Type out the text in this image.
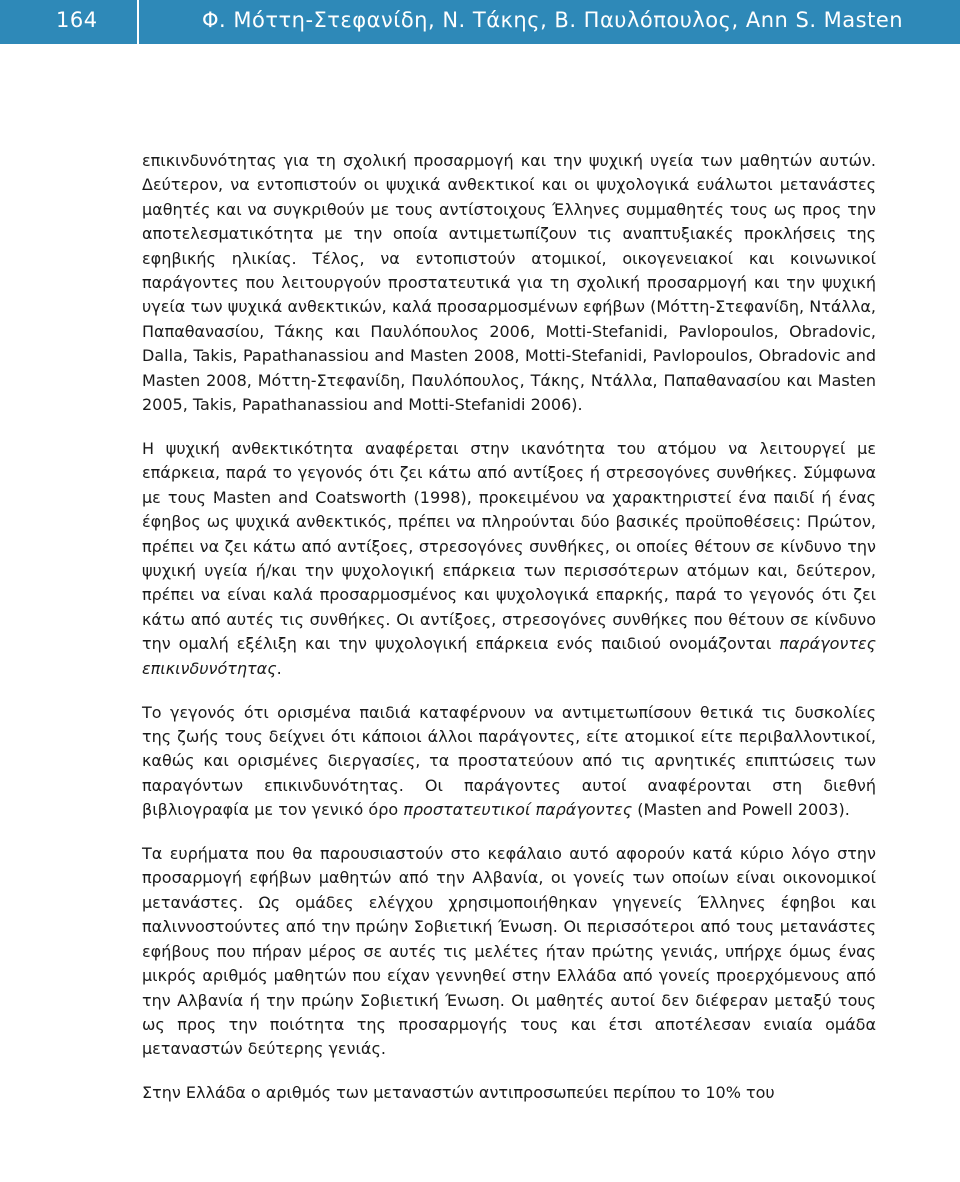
164	Φ. Μόττη-Στεφανίδη, Ν. Τάκης, Β. Παυλόπουλος, Ann S. Masten

επικινδυνότητας για τη σχολική προσαρμογή και την ψυχική υγεία των μαθητών αυτών. Δεύτερον, να εντοπιστούν οι ψυχικά ανθεκτικοί και οι ψυχολογικά ευάλωτοι μετανάστες μαθητές και να συγκριθούν με τους αντίστοιχους Έλληνες συμμαθητές τους ως προς την αποτελεσματικότητα με την οποία αντιμετωπίζουν τις αναπτυξιακές προκλήσεις της εφηβικής ηλικίας. Τέλος, να εντοπιστούν ατομικοί, οικογενειακοί και κοινωνικοί παράγοντες που λειτουργούν προστατευτικά για τη σχολική προσαρμογή και την ψυχική υγεία των ψυχικά ανθεκτικών, καλά προσαρμοσμένων εφήβων (Μόττη-Στεφανίδη, Ντάλλα, Παπαθανασίου, Τάκης και Παυλόπουλος 2006, Motti-Stefanidi, Pavlopoulos, Obradovic, Dalla, Takis, Papathanassiou and Masten 2008, Motti-Stefanidi, Pavlopoulos, Obradovic and Masten 2008, Μόττη-Στεφανίδη, Παυλόπουλος, Τάκης, Ντάλλα, Παπαθανασίου και Masten 2005, Takis, Papathanassiou and Motti-Stefanidi 2006).

Η ψυχική ανθεκτικότητα αναφέρεται στην ικανότητα του ατόμου να λειτουργεί με επάρκεια, παρά το γεγονός ότι ζει κάτω από αντίξοες ή στρεσογόνες συνθήκες. Σύμφωνα με τους Masten and Coatsworth (1998), προκειμένου να χαρακτηριστεί ένα παιδί ή ένας έφηβος ως ψυχικά ανθεκτικός, πρέπει να πληρούνται δύο βασικές προϋποθέσεις: Πρώτον, πρέπει να ζει κάτω από αντίξοες, στρεσογόνες συνθήκες, οι οποίες θέτουν σε κίνδυνο την ψυχική υγεία ή/και την ψυχολογική επάρκεια των περισσότερων ατόμων και, δεύτερον, πρέπει να είναι καλά προσαρμοσμένος και ψυχολογικά επαρκής, παρά το γεγονός ότι ζει κάτω από αυτές τις συνθήκες. Οι αντίξοες, στρεσογόνες συνθήκες που θέτουν σε κίνδυνο την ομαλή εξέλιξη και την ψυχολογική επάρκεια ενός παιδιού ονομάζονται παράγοντες επικινδυνότητας.

Το γεγονός ότι ορισμένα παιδιά καταφέρνουν να αντιμετωπίσουν θετικά τις δυσκολίες της ζωής τους δείχνει ότι κάποιοι άλλοι παράγοντες, είτε ατομικοί είτε περιβαλλοντικοί, καθώς και ορισμένες διεργασίες, τα προστατεύουν από τις αρνητικές επιπτώσεις των παραγόντων επικινδυνότητας. Οι παράγοντες αυτοί αναφέρονται στη διεθνή βιβλιογραφία με τον γενικό όρο προστατευτικοί παράγοντες (Masten and Powell 2003).

Τα ευρήματα που θα παρουσιαστούν στο κεφάλαιο αυτό αφορούν κατά κύριο λόγο στην προσαρμογή εφήβων μαθητών από την Αλβανία, οι γονείς των οποίων είναι οικονομικοί μετανάστες. Ως ομάδες ελέγχου χρησιμοποιήθηκαν γηγενείς Έλληνες έφηβοι και παλιννοστούντες από την πρώην Σοβιετική Ένωση. Οι περισσότεροι από τους μετανάστες εφήβους που πήραν μέρος σε αυτές τις μελέτες ήταν πρώτης γενιάς, υπήρχε όμως ένας μικρός αριθμός μαθητών που είχαν γεννηθεί στην Ελλάδα από γονείς προερχόμενους από την Αλβανία ή την πρώην Σοβιετική Ένωση. Οι μαθητές αυτοί δεν διέφεραν μεταξύ τους ως προς την ποιότητα της προσαρμογής τους και έτσι αποτέλεσαν ενιαία ομάδα μεταναστών δεύτερης γενιάς.

Στην Ελλάδα ο αριθμός των μεταναστών αντιπροσωπεύει περίπου το 10% του
